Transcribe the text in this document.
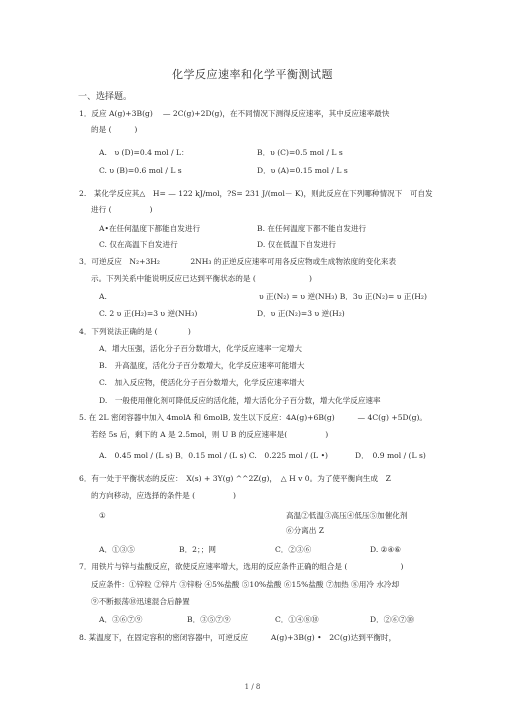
化学反应速率和化学平衡测试题
一、选择题。
1．反应 A(g)+3B(g)　 — 2C(g)+2D(g)，在不同情况下测得反应速率，其中反应速率最快
的是 (　　　)
A.　υ (D)=0.4 mol / L：	B．υ (C)=0.5 mol / L s
C. υ (B)=0.6 mol / L s	D．υ (A)=0.15 mol / L s
2.　某化学反应其△　H= — 122 kJ/mol，?S= 231 J/(mol－ K)，则此反应在下列哪种情况下　可自发
进行 (　　　　　)
A•在任何温度下都能自发进行	B. 在任何温度下都不能自发进行
C. 仅在高温下自发进行	D. 仅在低温下自发进行
3．可逆反应　N₂+3H₂　　　　2NH₃ 的正逆反应速率可用各反应物或生成物浓度的变化来表
示。下列关系中能说明反应已达到平衡状态的是 (　　　　　　　)
A.	υ 正(N₂) = υ 逆(NH₃) B．3υ 正(N₂)= υ 正(H₂)
C. 2 υ 正(H₂)=3 υ 逆(NH₃)	D．υ 正(N₂)=3 υ 逆(H₂)
4．下列说法正确的是 (　　　　)
A．增大压强，活化分子百分数增大，化学反应速率一定增大
B.　升高温度，活化分子百分数增大，化学反应速率可能增大
C.　加入反应物，使活化分子百分数增大，化学反应速率增大
D.　一般使用催化剂可降低反应的活化能，增大活化分子百分数，增大化学反应速率
5. 在 2L 密闭容器中加入 4molA 和 6molB, 发生以下反应：4A(g)+6B(g)　　　— 4C(g) +5D(g)。
若经 5s 后，剩下的 A 是 2.5mol，则 U B 的反应速率是(　　　　　)
A.　0.45 mol / (L s) B．0.15 mol / (L s) C.　0.225 mol / (L •)	D．　0.9 mol / (L s)
6．有一处于平衡状态的反应：　X(s) + 3Y(g) ^^2Z(g)，　△ H v 0。为了使平衡向生成　Z
的方向移动，应选择的条件是 (　　　　　)
①	高温②低温③高压④低压⑤加催化剂
⑥分离出 Z
A．①③⑤	B．2；；网	C．②③⑥	D. ②④⑥
7．用铁片与锌与盐酸反应，欲使反应速率增大，选用的反应条件正确的组合是 (　　　　　　　)
反应条件：①锌粒 ②锌片 ③锌粉 ④5%盐酸 ⑤10%盐酸 ⑥15%盐酸 ⑦加热 ⑧用冷 水冷却
⑨不断振荡⑩迅速混合后静置
A．③⑥⑦⑨	B．③⑤⑦⑨	C．①④⑧⑩	D．②⑥⑦⑩
8. 某温度下，在固定容积的密闭容器中，可逆反应　　　A(g)+3B(g) •　2C(g)达到平衡时，
1 / 8
